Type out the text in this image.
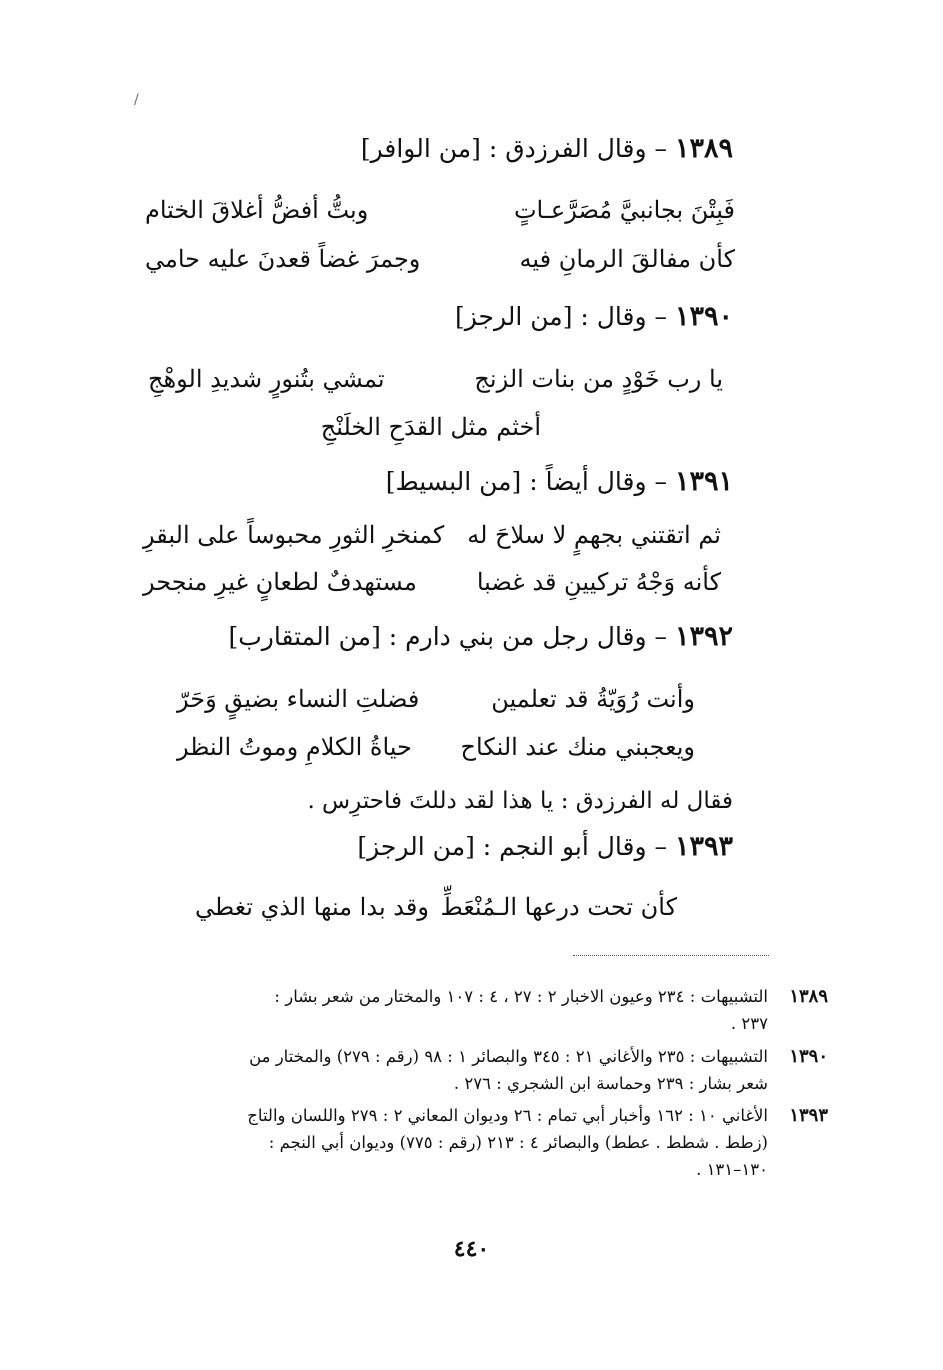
/
١٣٨٩ – وقال الفرزدق : [من الوافر]
فَبِتْنَ بجانبيَّ مُصَرَّعـاتٍ
وبتُّ أفضُّ أغلاقَ الختام
كأن مفالقَ الرمانِ فيه
وجمرَ غضاً قعدنَ عليه حامي
١٣٩٠ – وقال : [من الرجز]
يا رب خَوْدٍ من بنات الزنج
تمشي بتُنورٍ شديدِ الوهْجِ
أخثم مثل القدَحِ الخلَنْجِ
١٣٩١ – وقال أيضاً : [من البسيط]
ثم اتقتني بجهمٍ لا سلاحَ له
كمنخرِ الثورِ محبوساً على البقرِ
كأنه وَجْهُ تركيينِ قد غضبا
مستهدفٌ لطعانٍ غيرِ منجحر
١٣٩٢ – وقال رجل من بني دارم : [من المتقارب]
وأنت رُوَيّةُ قد تعلمين
فضلتِ النساء بضيقٍ وَحَرّ
ويعجبني منك عند النكاح
حياةُ الكلامِ وموتُ النظر
فقال له الفرزدق : يا هذا لقد دللتَ فاحترِس .
١٣٩٣ – وقال أبو النجم : [من الرجز]
كأن تحت درعها الـمُنْعَطِّ
وقد بدا منها الذي تغطي
١٣٨٩
التشبيهات : ٢٣٤ وعيون الاخبار ٢ : ٢٧ ، ٤ : ١٠٧ والمختار من شعر بشار :
٢٣٧ .
١٣٩٠
التشبيهات : ٢٣٥ والأغاني ٢١ : ٣٤٥ والبصائر ١ : ٩٨ (رقم : ٢٧٩) والمختار من
شعر بشار : ٢٣٩ وحماسة ابن الشجري : ٢٧٦ .
١٣٩٣
الأغاني ١٠ : ١٦٢ وأخبار أبي تمام : ٢٦ وديوان المعاني ٢ : ٢٧٩ واللسان والتاج
(زطط . شطط . عطط) والبصائر ٤ : ٢١٣ (رقم : ٧٧٥) وديوان أبي النجم :
١٣٠–١٣١ .
٤٤٠
